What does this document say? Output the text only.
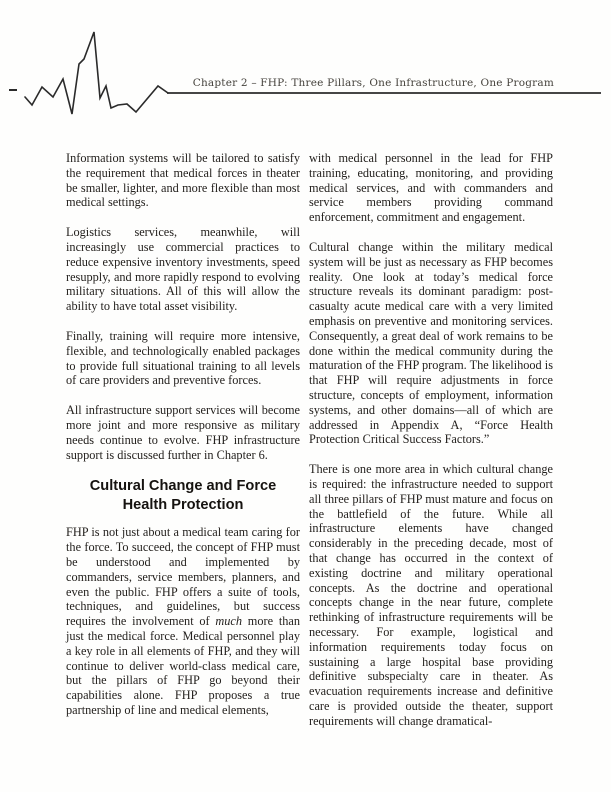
Chapter 2 – FHP: Three Pillars, One Infrastructure, One Program

Information systems will be tailored to satisfy the requirement that medical forces in theater be smaller, lighter, and more flexible than most medical settings.

Logistics services, meanwhile, will increasingly use commercial practices to reduce expensive inventory investments, speed resupply, and more rapidly respond to evolving military situations. All of this will allow the ability to have total asset visibility.

Finally, training will require more intensive, flexible, and technologically enabled packages to provide full situational training to all levels of care providers and preventive forces.

All infrastructure support services will become more joint and more responsive as military needs continue to evolve. FHP infrastructure support is discussed further in Chapter 6.

Cultural Change and Force Health Protection

FHP is not just about a medical team caring for the force. To succeed, the concept of FHP must be understood and implemented by commanders, service members, planners, and even the public. FHP offers a suite of tools, techniques, and guidelines, but success requires the involvement of much more than just the medical force. Medical personnel play a key role in all elements of FHP, and they will continue to deliver world-class medical care, but the pillars of FHP go beyond their capabilities alone. FHP proposes a true partnership of line and medical elements,

with medical personnel in the lead for FHP training, educating, monitoring, and providing medical services, and with commanders and service members providing command enforcement, commitment and engagement.

Cultural change within the military medical system will be just as necessary as FHP becomes reality. One look at today’s medical force structure reveals its dominant paradigm: post-casualty acute medical care with a very limited emphasis on preventive and monitoring services. Consequently, a great deal of work remains to be done within the medical community during the maturation of the FHP program. The likelihood is that FHP will require adjustments in force structure, concepts of employment, information systems, and other domains—all of which are addressed in Appendix A, “Force Health Protection Critical Success Factors.”

There is one more area in which cultural change is required: the infrastructure needed to support all three pillars of FHP must mature and focus on the battlefield of the future. While all infrastructure elements have changed considerably in the preceding decade, most of that change has occurred in the context of existing doctrine and military operational concepts. As the doctrine and operational concepts change in the near future, complete rethinking of infrastructure requirements will be necessary. For example, logistical and information requirements today focus on sustaining a large hospital base providing definitive subspecialty care in theater. As evacuation requirements increase and definitive care is provided outside the theater, support requirements will change dramatical-
